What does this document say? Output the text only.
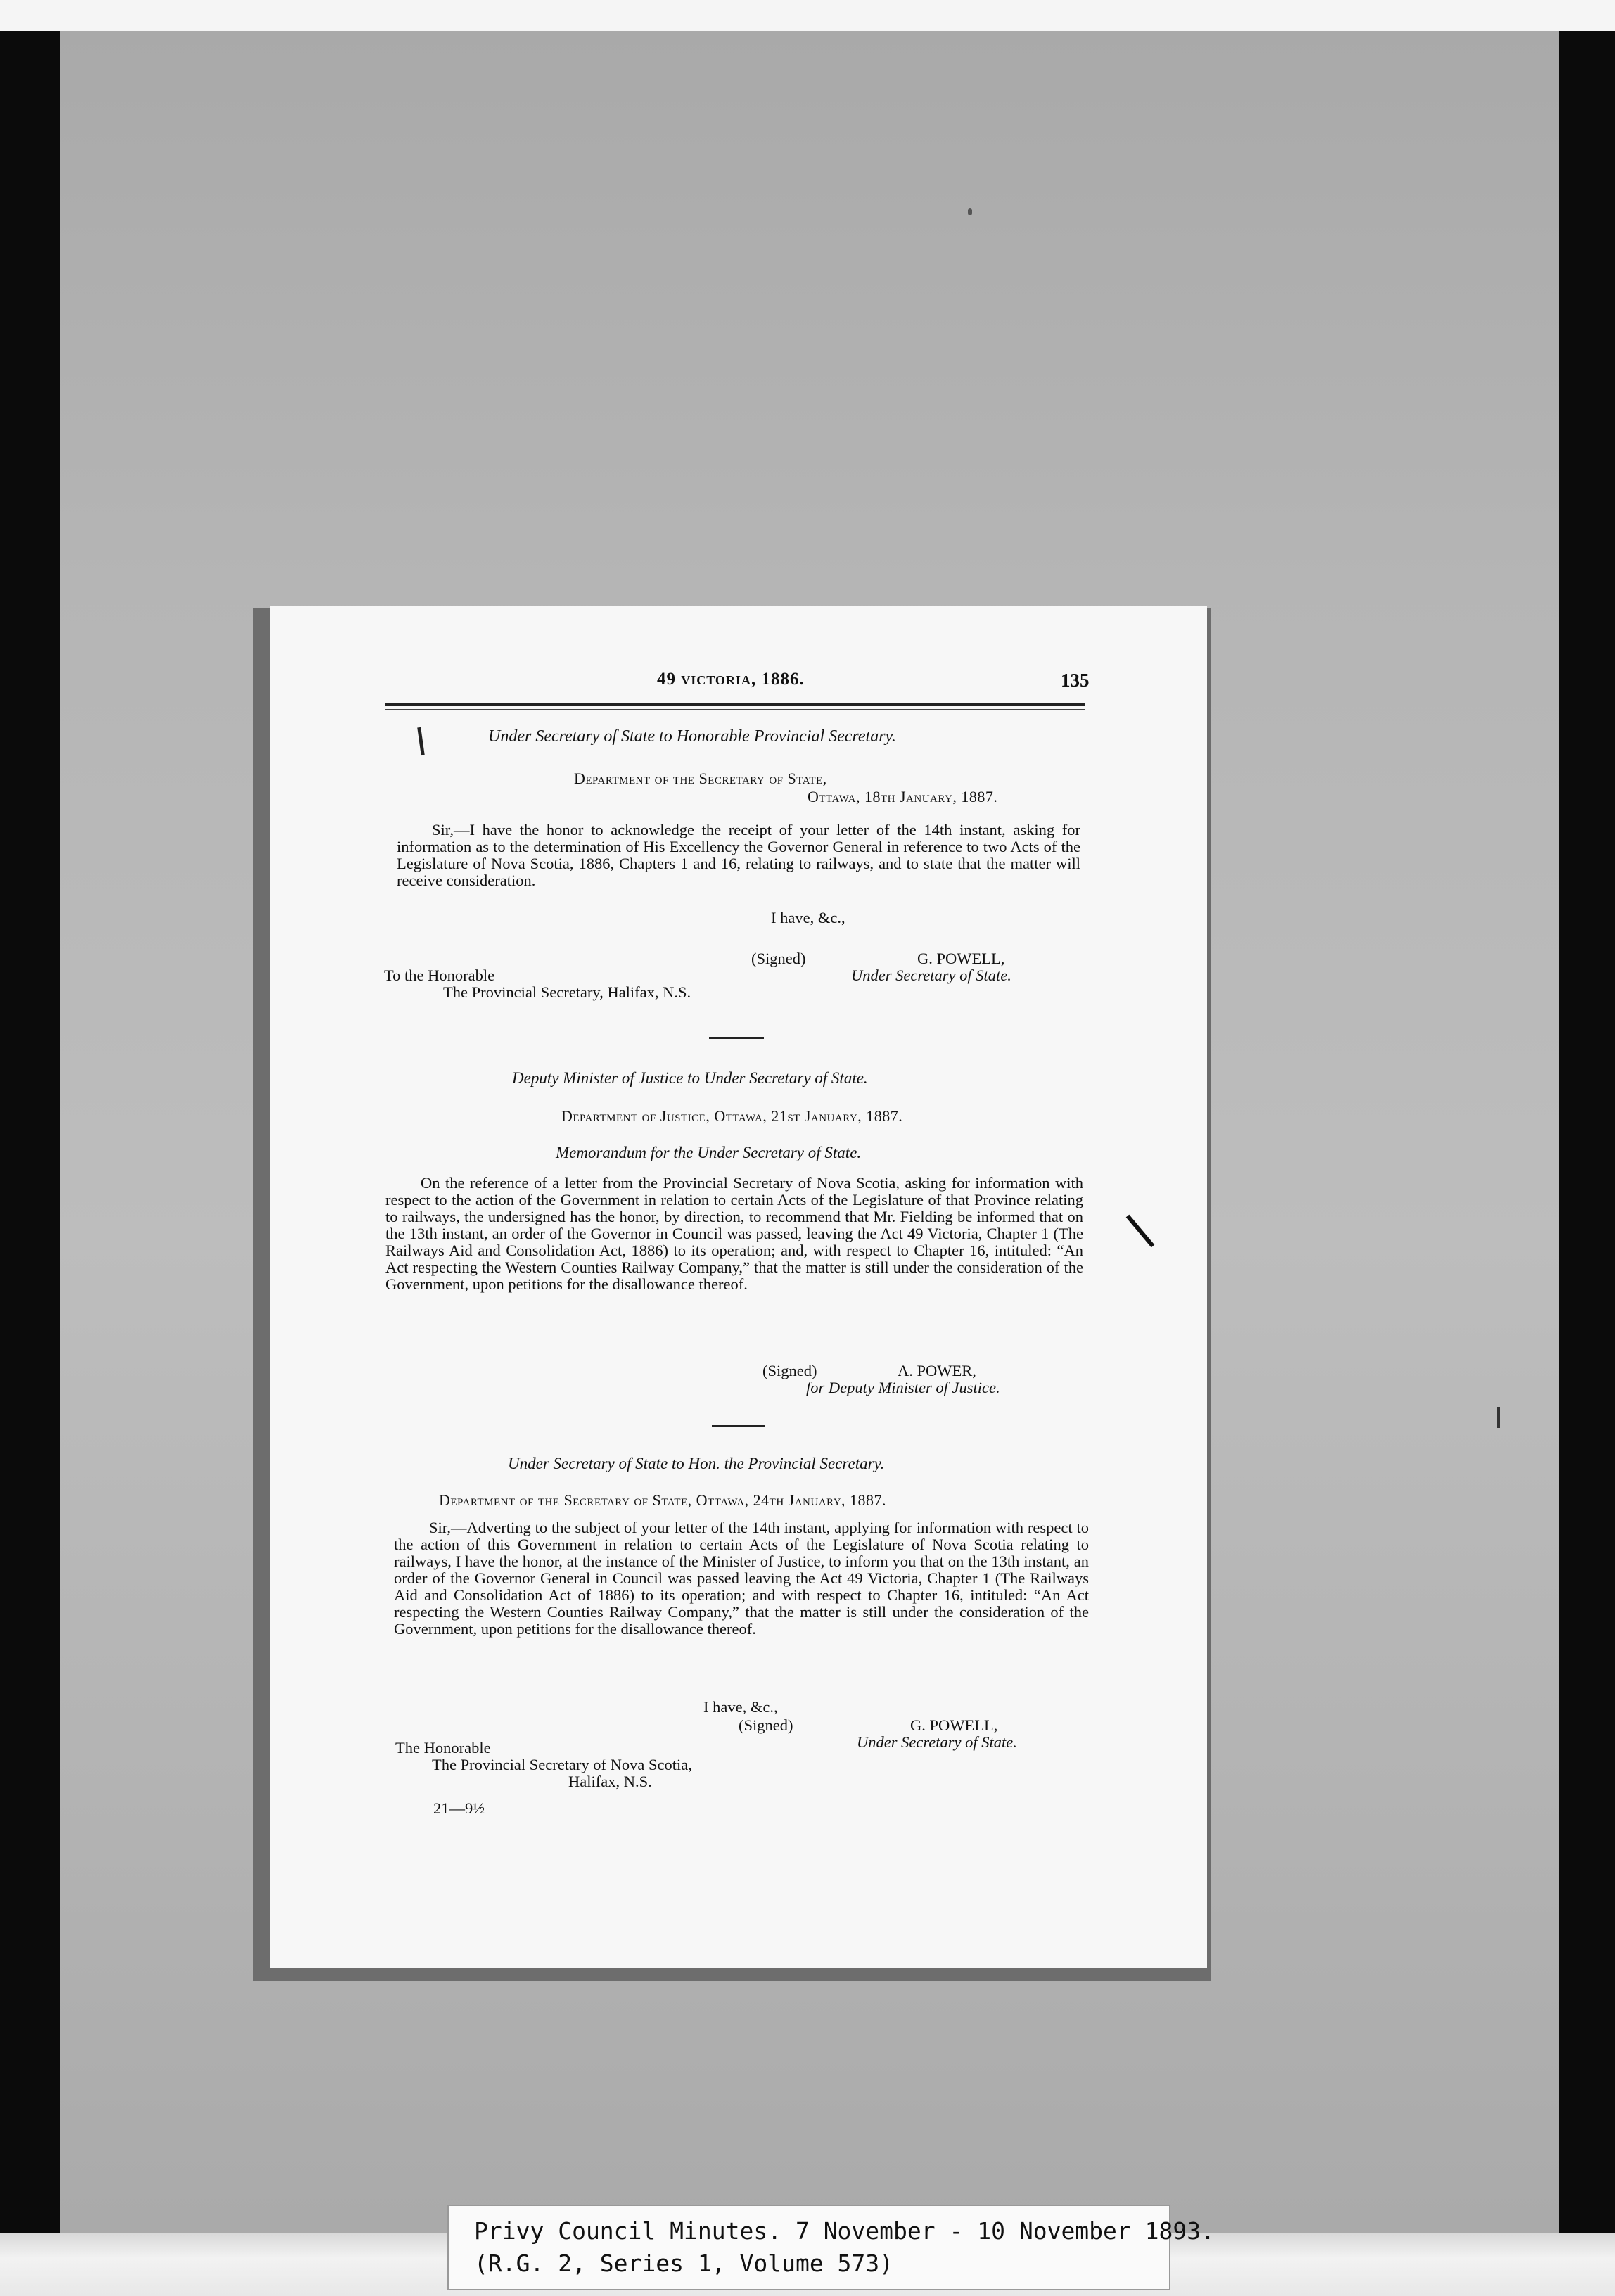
49 victoria, 1886.	135
Under Secretary of State to Honorable Provincial Secretary.
Department of the Secretary of State,
Ottawa, 18th January, 1887.
Sir,—I have the honor to acknowledge the receipt of your letter of the 14th instant, asking for information as to the determination of His Excellency the Governor General in reference to two Acts of the Legislature of Nova Scotia, 1886, Chapters 1 and 16, relating to railways, and to state that the matter will receive consideration.
I have, &c.,
(Signed)	G. POWELL,
Under Secretary of State.
To the Honorable
The Provincial Secretary, Halifax, N.S.
Deputy Minister of Justice to Under Secretary of State.
Department of Justice, Ottawa, 21st January, 1887.
Memorandum for the Under Secretary of State.
On the reference of a letter from the Provincial Secretary of Nova Scotia, asking for information with respect to the action of the Government in relation to certain Acts of the Legislature of that Province relating to railways, the undersigned has the honor, by direction, to recommend that Mr. Fielding be informed that on the 13th instant, an order of the Governor in Council was passed, leaving the Act 49 Victoria, Chapter 1 (The Railways Aid and Consolidation Act, 1886) to its operation; and, with respect to Chapter 16, intituled: “An Act respecting the Western Counties Railway Company,” that the matter is still under the consideration of the Government, upon petitions for the disallowance thereof.
(Signed)	A. POWER,
for Deputy Minister of Justice.
Under Secretary of State to Hon. the Provincial Secretary.
Department of the Secretary of State, Ottawa, 24th January, 1887.
Sir,—Adverting to the subject of your letter of the 14th instant, applying for information with respect to the action of this Government in relation to certain Acts of the Legislature of Nova Scotia relating to railways, I have the honor, at the instance of the Minister of Justice, to inform you that on the 13th instant, an order of the Governor General in Council was passed leaving the Act 49 Victoria, Chapter 1 (The Railways Aid and Consolidation Act of 1886) to its operation; and with respect to Chapter 16, intituled: “An Act respecting the Western Counties Railway Company,” that the matter is still under the consideration of the Government, upon petitions for the disallowance thereof.
I have, &c.,
(Signed)	G. POWELL,
Under Secretary of State.
The Honorable
The Provincial Secretary of Nova Scotia,
Halifax, N.S.
21—9½
Privy Council Minutes. 7 November - 10 November 1893.
(R.G. 2, Series 1, Volume 573)
